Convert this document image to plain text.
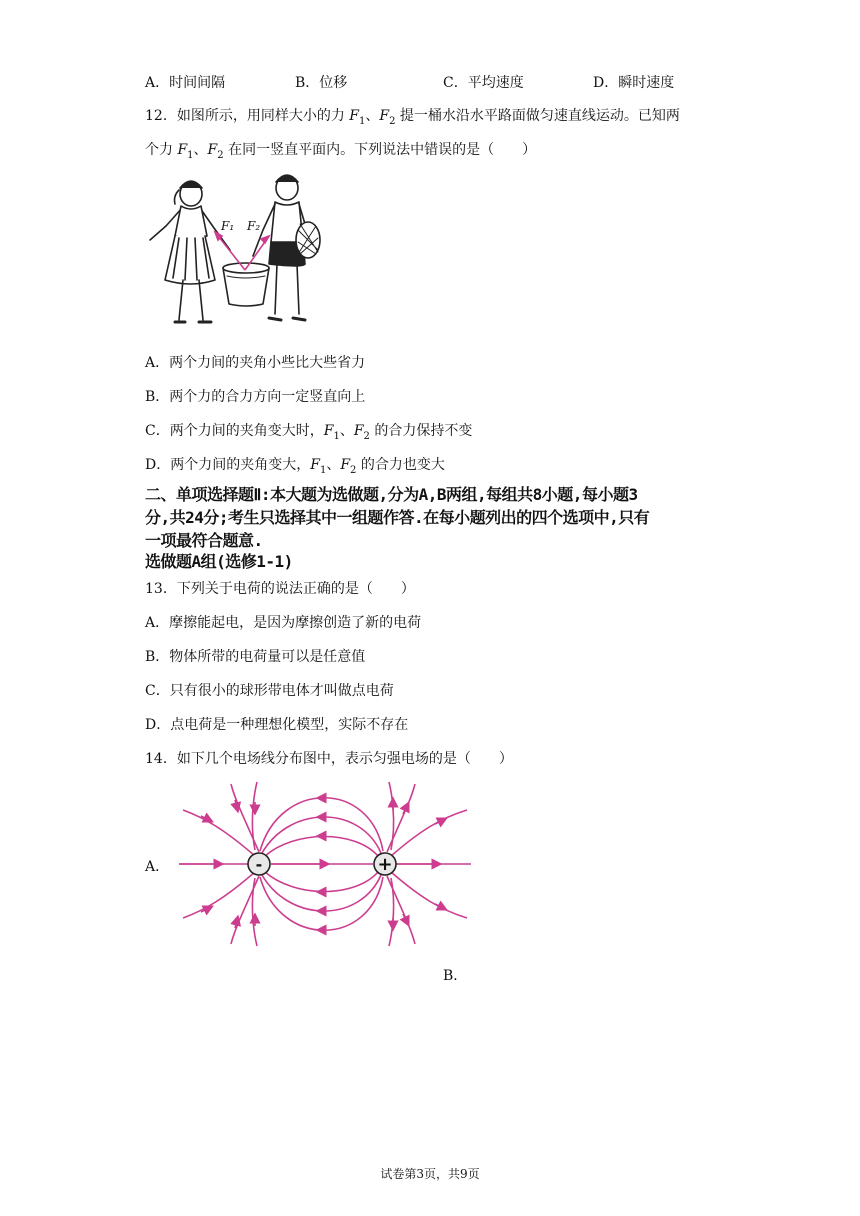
A．时间间隔	B．位移	C．平均速度	D．瞬时速度
12．如图所示，用同样大小的力 $F_1$、$F_2$ 提一桶水沿水平路面做匀速直线运动。已知两
个力 $F_1$、$F_2$ 在同一竖直平面内。下列说法中错误的是（　　）
F₁ F₂
A．两个力间的夹角小些比大些省力
B．两个力的合力方向一定竖直向上
C．两个力间的夹角变大时，$F_1$、$F_2$ 的合力保持不变
D．两个力间的夹角变大，$F_1$、$F_2$ 的合力也变大
二、单项选择题Ⅱ:本大题为选做题,分为A,B两组,每组共8小题,每小题3
分,共24分;考生只选择其中一组题作答.在每小题列出的四个选项中,只有
一项最符合题意.
选做题A组(选修1-1)
13．下列关于电荷的说法正确的是（　　）
A．摩擦能起电，是因为摩擦创造了新的电荷
B．物体所带的电荷量可以是任意值
C．只有很小的球形带电体才叫做点电荷
D．点电荷是一种理想化模型，实际不存在
14．如下几个电场线分布图中，表示匀强电场的是（　　）
A．	-	+
B．
试卷第3页，共9页
